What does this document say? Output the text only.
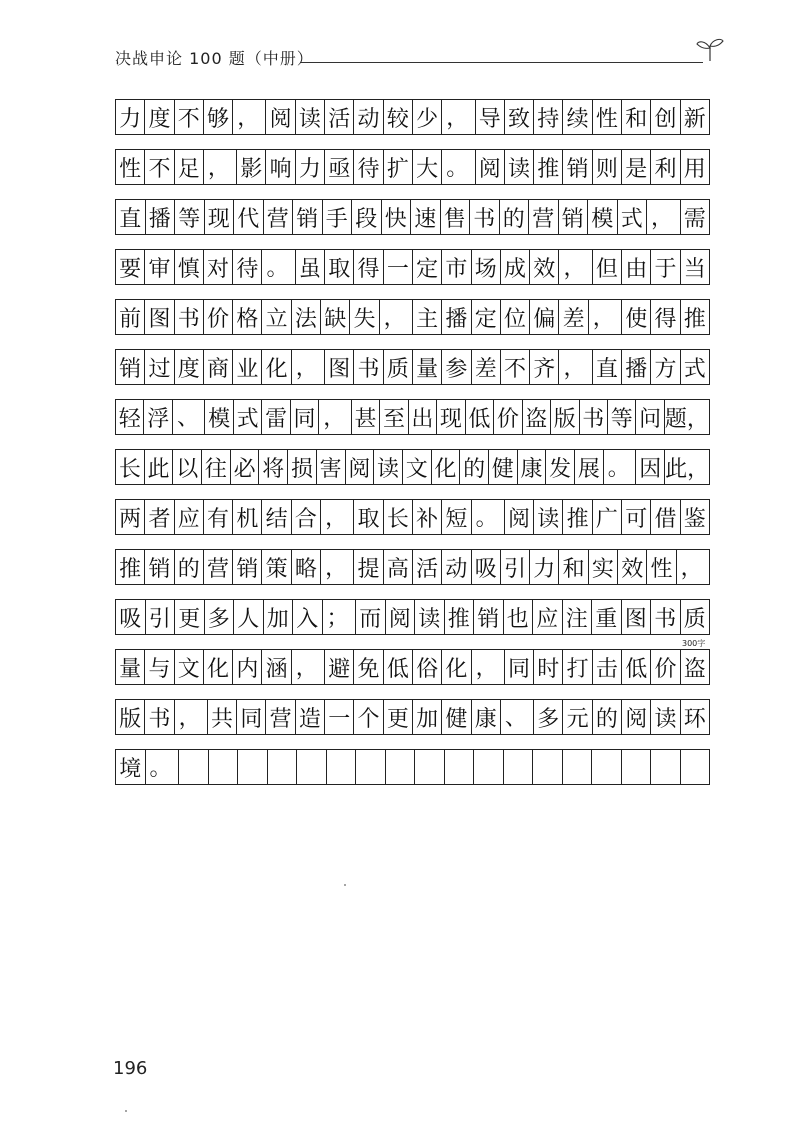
决战申论 100 题（中册）
力 度 不 够 ， 阅 读 活 动 较 少 ， 导 致 持 续 性 和 创 新
性 不 足 ， 影 响 力 亟 待 扩 大 。 阅 读 推 销 则 是 利 用
直 播 等 现 代 营 销 手 段 快 速 售 书 的 营 销 模 式 ， 需
要 审 慎 对 待 。 虽 取 得 一 定 市 场 成 效 ， 但 由 于 当
前 图 书 价 格 立 法 缺 失 ， 主 播 定 位 偏 差 ， 使 得 推
销 过 度 商 业 化 ， 图 书 质 量 参 差 不 齐 ， 直 播 方 式
轻 浮 、 模 式 雷 同 ， 甚 至 出 现 低 价 盗 版 书 等 问 题，
长 此 以 往 必 将 损 害 阅 读 文 化 的 健 康 发 展 。 因 此，
两 者 应 有 机 结 合 ， 取 长 补 短 。 阅 读 推 广 可 借 鉴
推 销 的 营 销 策 略 ， 提 高 活 动 吸 引 力 和 实 效 性 ，
吸 引 更 多 人 加 入 ； 而 阅 读 推 销 也 应 注 重 图 书 质
量 与 文 化 内 涵 ， 避 免 低 俗 化 ， 同 时 打 击 低 价 盗
版 书 ， 共 同 营 造 一 个 更 加 健 康 、 多 元 的 阅 读 环
境 。
300字
196
